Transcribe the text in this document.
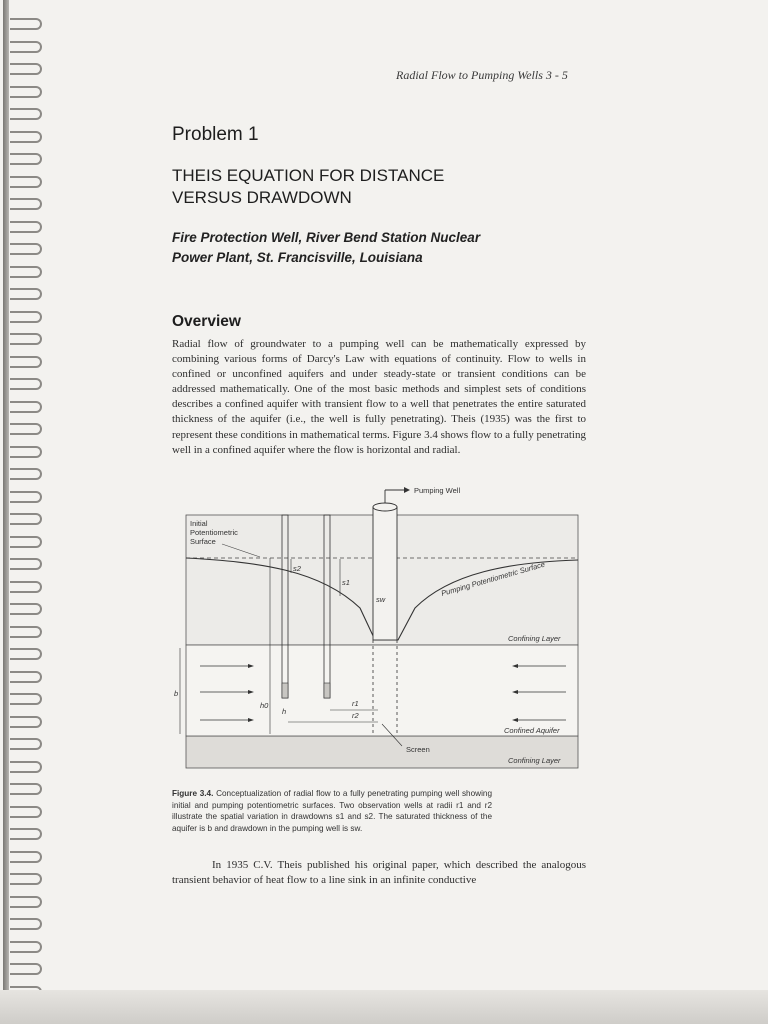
Radial Flow to Pumping Wells 3 - 5
Problem 1
THEIS EQUATION FOR DISTANCE
VERSUS DRAWDOWN
Fire Protection Well, River Bend Station Nuclear
Power Plant, St. Francisville, Louisiana
Overview
Radial flow of groundwater to a pumping well can be mathematically expressed by combining various forms of Darcy's Law with equations of continuity. Flow to wells in confined or unconfined aquifers and under steady-state or transient conditions can be addressed mathematically. One of the most basic methods and simplest sets of conditions describes a confined aquifer with transient flow to a well that penetrates the entire saturated thickness of the aquifer (i.e., the well is fully penetrating). Theis (1935) was the first to represent these conditions in mathematical terms. Figure 3.4 shows flow to a fully penetrating well in a confined aquifer where the flow is horizontal and radial.
Pumping Well
Initial
Potentiometric
Surface
s2
s1
sw
Pumping Potentiometric Surface
Confining Layer
Confined Aquifer
Confining Layer
b
h0
h
r1
r2
Screen
Figure 3.4. Conceptualization of radial flow to a fully penetrating pumping well showing initial and pumping potentiometric surfaces. Two observation wells at radii r1 and r2 illustrate the spatial variation in drawdowns s1 and s2. The saturated thickness of the aquifer is b and drawdown in the pumping well is sw.
In 1935 C.V. Theis published his original paper, which described the analogous transient behavior of heat flow to a line sink in an infinite conductive
